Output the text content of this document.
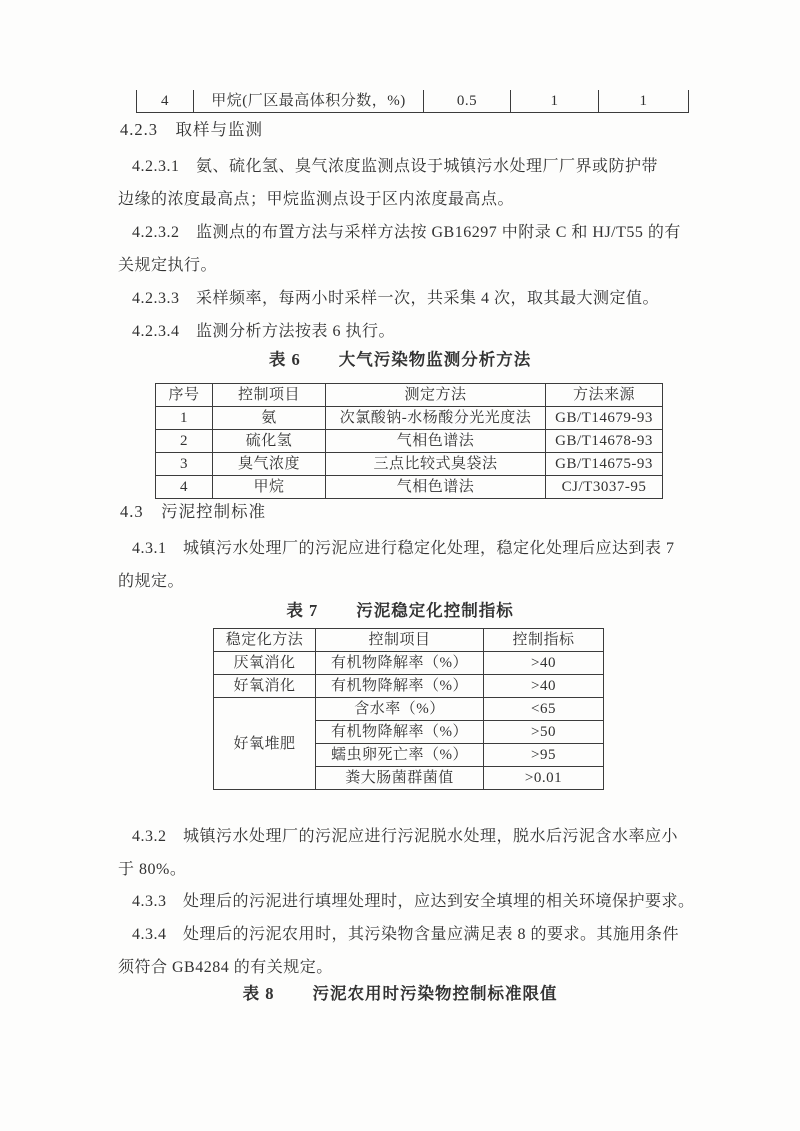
4	甲烷(厂区最高体积分数，%)	0.5	1	1
4.2.3　取样与监测
4.2.3.1　氨、硫化氢、臭气浓度监测点设于城镇污水处理厂厂界或防护带
边缘的浓度最高点；甲烷监测点设于区内浓度最高点。
4.2.3.2　监测点的布置方法与采样方法按 GB16297 中附录 C 和 HJ/T55 的有
关规定执行。
4.2.3.3　采样频率，每两小时采样一次，共采集 4 次，取其最大测定值。
4.2.3.4　监测分析方法按表 6 执行。
表 6 大气污染物监测分析方法
序号	控制项目	测定方法	方法来源
1	氨	次氯酸钠-水杨酸分光光度法	GB/T14679-93
2	硫化氢	气相色谱法	GB/T14678-93
3	臭气浓度	三点比较式臭袋法	GB/T14675-93
4	甲烷	气相色谱法	CJ/T3037-95
4.3　污泥控制标准
4.3.1　城镇污水处理厂的污泥应进行稳定化处理，稳定化处理后应达到表 7
的规定。
表 7 污泥稳定化控制指标
稳定化方法	控制项目	控制指标
厌氧消化	有机物降解率（%）	>40
好氧消化	有机物降解率（%）	>40
好氧堆肥	含水率（%）	<65
	有机物降解率（%）	>50
	蠕虫卵死亡率（%）	>95
	粪大肠菌群菌值	>0.01
4.3.2　城镇污水处理厂的污泥应进行污泥脱水处理，脱水后污泥含水率应小
于 80%。
4.3.3　处理后的污泥进行填埋处理时，应达到安全填埋的相关环境保护要求。
4.3.4　处理后的污泥农用时，其污染物含量应满足表 8 的要求。其施用条件
须符合 GB4284 的有关规定。
表 8 污泥农用时污染物控制标准限值
